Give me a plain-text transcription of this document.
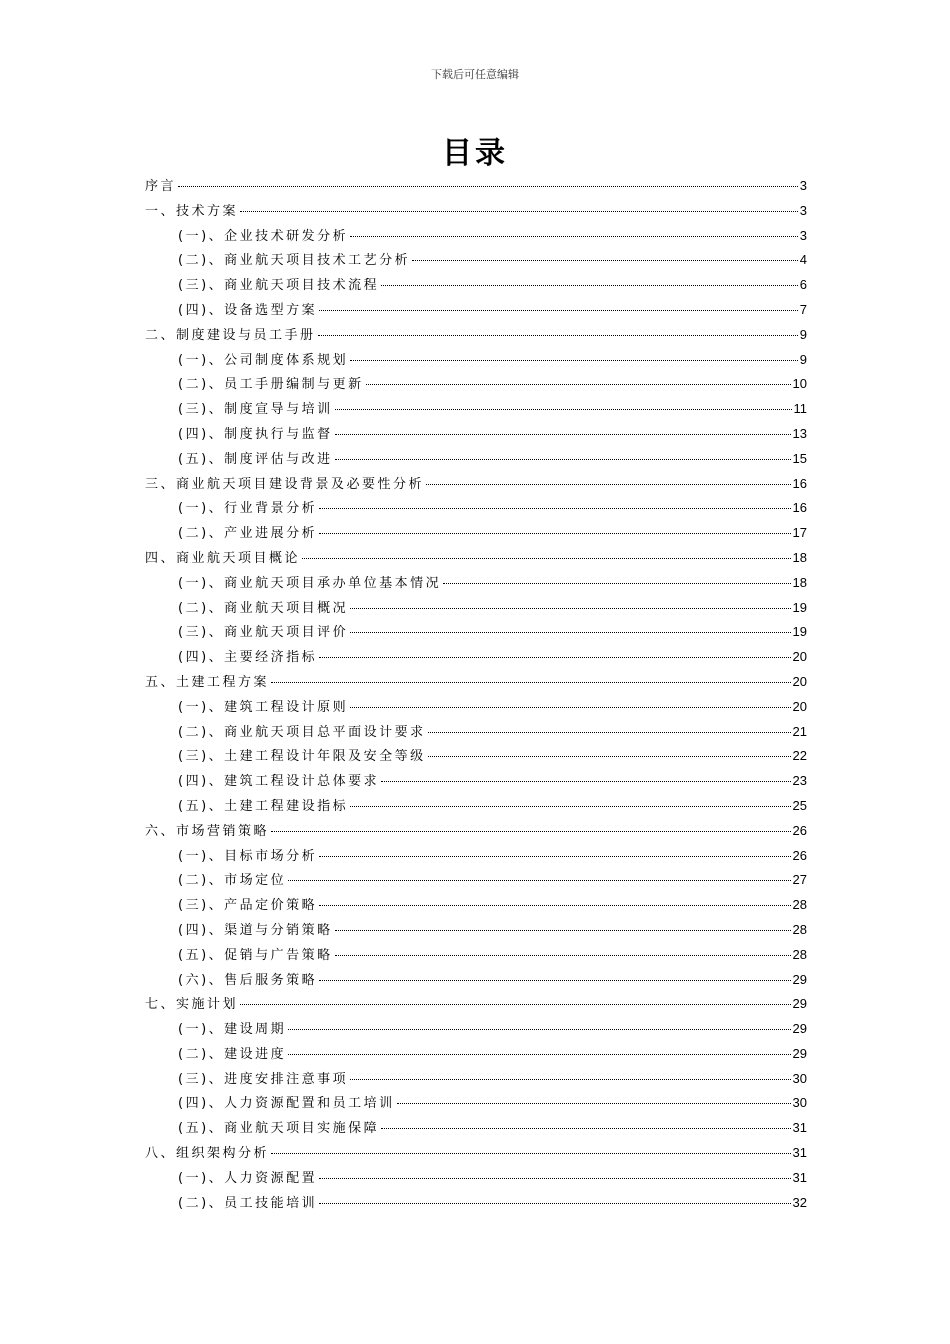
下载后可任意编辑
目录
序言	3
一、技术方案	3
(一)、企业技术研发分析	3
(二)、商业航天项目技术工艺分析	4
(三)、商业航天项目技术流程	6
(四)、设备选型方案	7
二、制度建设与员工手册	9
(一)、公司制度体系规划	9
(二)、员工手册编制与更新	10
(三)、制度宣导与培训	11
(四)、制度执行与监督	13
(五)、制度评估与改进	15
三、商业航天项目建设背景及必要性分析	16
(一)、行业背景分析	16
(二)、产业进展分析	17
四、商业航天项目概论	18
(一)、商业航天项目承办单位基本情况	18
(二)、商业航天项目概况	19
(三)、商业航天项目评价	19
(四)、主要经济指标	20
五、土建工程方案	20
(一)、建筑工程设计原则	20
(二)、商业航天项目总平面设计要求	21
(三)、土建工程设计年限及安全等级	22
(四)、建筑工程设计总体要求	23
(五)、土建工程建设指标	25
六、市场营销策略	26
(一)、目标市场分析	26
(二)、市场定位	27
(三)、产品定价策略	28
(四)、渠道与分销策略	28
(五)、促销与广告策略	28
(六)、售后服务策略	29
七、实施计划	29
(一)、建设周期	29
(二)、建设进度	29
(三)、进度安排注意事项	30
(四)、人力资源配置和员工培训	30
(五)、商业航天项目实施保障	31
八、组织架构分析	31
(一)、人力资源配置	31
(二)、员工技能培训	32
